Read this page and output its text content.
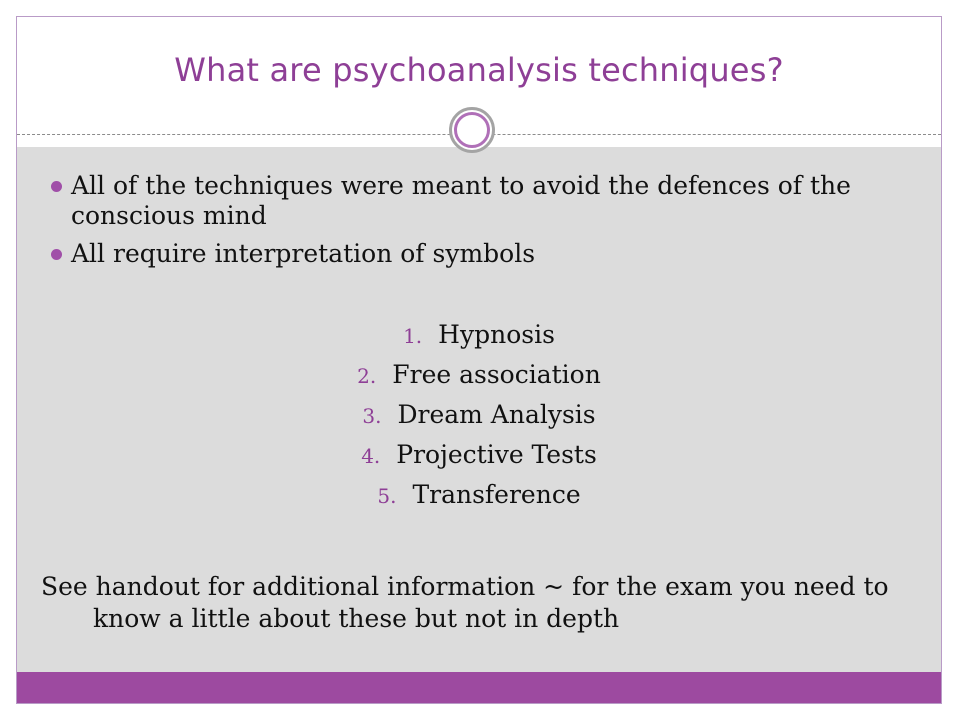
What are psychoanalysis techniques?
All of the techniques were meant to avoid the defences of the conscious mind
All require interpretation of symbols
1. Hypnosis
2. Free association
3. Dream Analysis
4. Projective Tests
5. Transference

See handout for additional information ~ for the exam you need to know a little about these but not in depth
